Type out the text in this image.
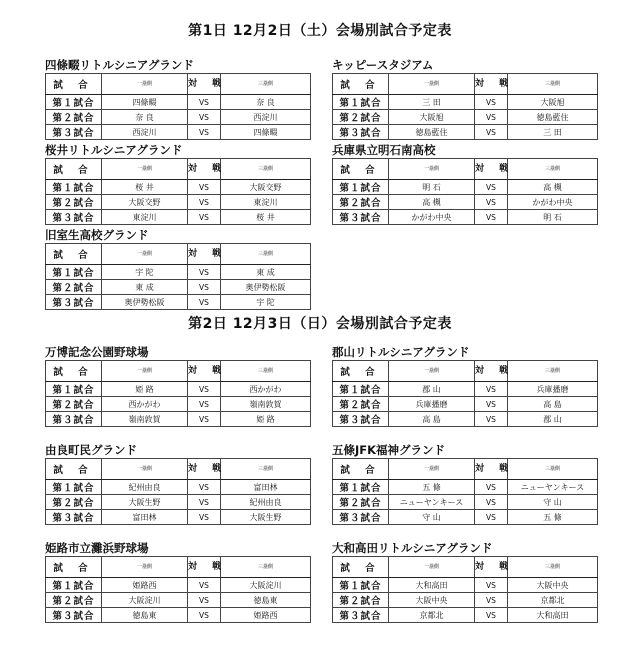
第1日 12月2日（土）会場別試合予定表
四條畷リトルシニアグランド
試 合	一塁側	対 戦	三塁側

第１試合	四條畷	VS	奈 良
第２試合	奈 良	VS	西淀川
第３試合	西淀川	VS	四條畷
キッピースタジアム
試 合	一塁側	対 戦	三塁側

第１試合	三 田	VS	大阪旭
第２試合	大阪旭	VS	徳島藍住
第３試合	徳島藍住	VS	三 田
桜井リトルシニアグランド
試 合	一塁側	対 戦	三塁側

第１試合	桜 井	VS	大阪交野
第２試合	大阪交野	VS	東淀川
第３試合	東淀川	VS	桜 井
兵庫県立明石南高校
試 合	一塁側	対 戦	三塁側

第１試合	明 石	VS	高 槻
第２試合	高 槻	VS	かがわ中央
第３試合	かがわ中央	VS	明 石
旧室生高校グランド
試 合	一塁側	対 戦	三塁側

第１試合	宇 陀	VS	東 成
第２試合	東 成	VS	奥伊勢松阪
第３試合	奥伊勢松阪	VS	宇 陀
第2日 12月3日（日）会場別試合予定表
万博記念公園野球場
試 合	一塁側	対 戦	三塁側

第１試合	姫 路	VS	西かがわ
第２試合	西かがわ	VS	嶺南敦賀
第３試合	嶺南敦賀	VS	姫 路
郡山リトルシニアグランド
試 合	一塁側	対 戦	三塁側

第１試合	郡 山	VS	兵庫播磨
第２試合	兵庫播磨	VS	高 島
第３試合	高 島	VS	郡 山
由良町民グランド
試 合	一塁側	対 戦	三塁側

第１試合	紀州由良	VS	富田林
第２試合	大阪生野	VS	紀州由良
第３試合	富田林	VS	大阪生野
五條JFK福神グランド
試 合	一塁側	対 戦	三塁側

第１試合	五 條	VS	ニューヤンキース
第２試合	ニューヤンキース	VS	守 山
第３試合	守 山	VS	五 條
姫路市立灘浜野球場
試 合	一塁側	対 戦	三塁側

第１試合	姫路西	VS	大阪淀川
第２試合	大阪淀川	VS	徳島東
第３試合	徳島東	VS	姫路西
大和高田リトルシニアグランド
試 合	一塁側	対 戦	三塁側

第１試合	大和高田	VS	大阪中央
第２試合	大阪中央	VS	京都北
第３試合	京都北	VS	大和高田
